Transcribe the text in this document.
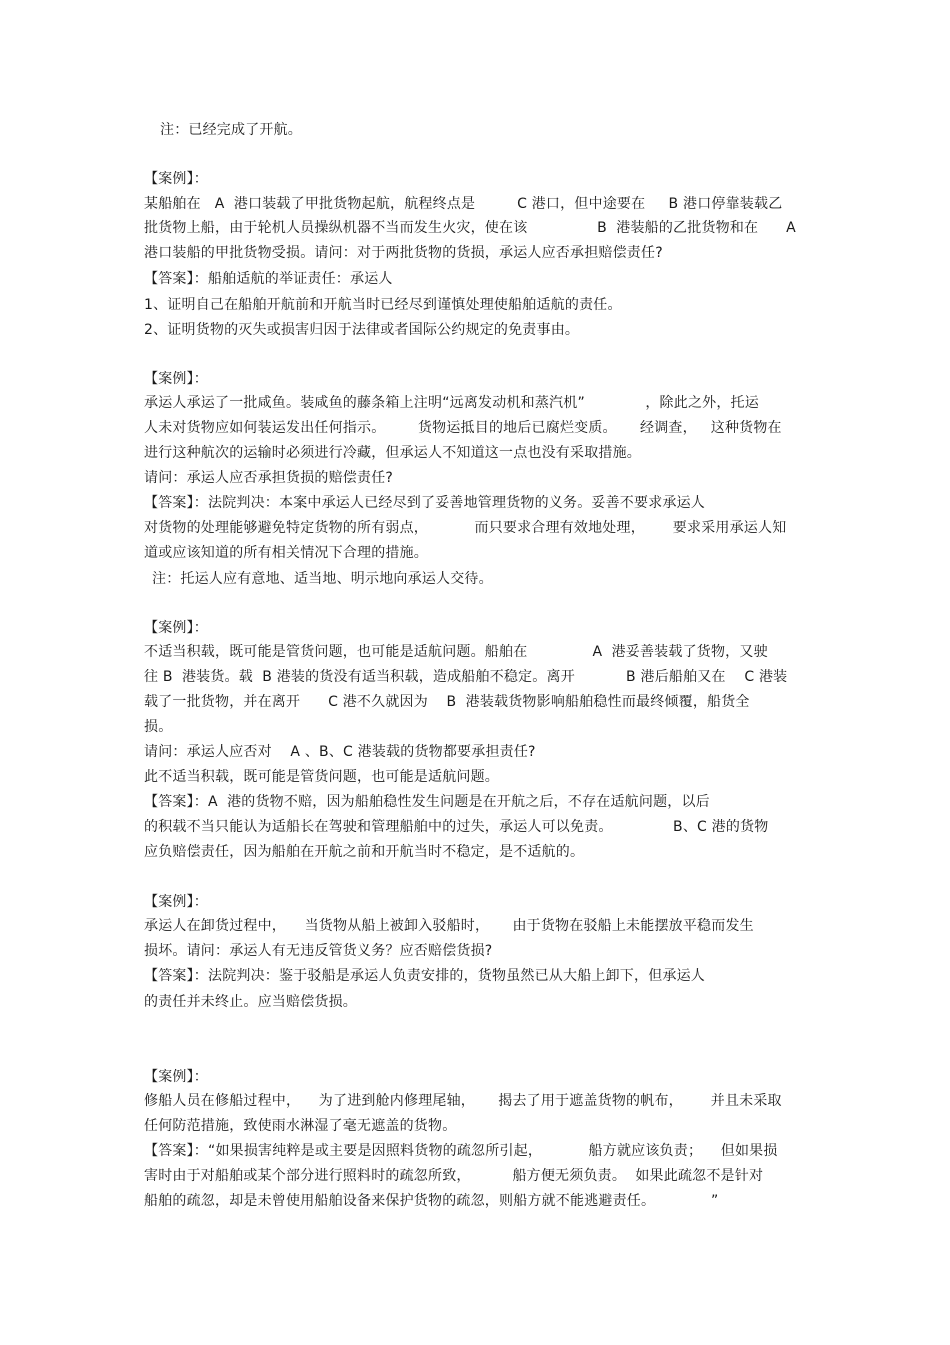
注：已经完成了开航。
【案例】：
某船舶在   A  港口装载了甲批货物起航，航程终点是         C 港口，但中途要在     B 港口停靠装载乙
批货物上船，由于轮机人员操纵机器不当而发生火灾，使在该               B  港装船的乙批货物和在      A
港口装船的甲批货物受损。请问：对于两批货物的货损，承运人应否承担赔偿责任?
【答案】：船舶适航的举证责任：承运人
1、证明自己在船舶开航前和开航当时已经尽到谨慎处理使船舶适航的责任。
2、证明货物的灭失或损害归因于法律或者国际公约规定的免责事由。
【案例】：
承运人承运了一批咸鱼。装咸鱼的藤条箱上注明“远离发动机和蒸汽机”             ，除此之外，托运
人未对货物应如何装运发出任何指示。       货物运抵目的地后已腐烂变质。     经调查，   这种货物在
进行这种航次的运输时必须进行冷藏，但承运人不知道这一点也没有采取措施。
请问：承运人应否承担货损的赔偿责任?
【答案】：法院判决：本案中承运人已经尽到了妥善地管理货物的义务。妥善不要求承运人
对货物的处理能够避免特定货物的所有弱点，          而只要求合理有效地处理，      要求采用承运人知
道或应该知道的所有相关情况下合理的措施。
注：托运人应有意地、适当地、明示地向承运人交待。
【案例】：
不适当积载，既可能是管货问题，也可能是适航问题。船舶在              A  港妥善装载了货物，又驶
往 B  港装货。载  B 港装的货没有适当积载，造成船舶不稳定。离开           B 港后船舶又在    C 港装
载了一批货物，并在离开      C 港不久就因为    B  港装载货物影响船舶稳性而最终倾覆，船货全
损。
请问：承运人应否对    A 、B、C 港装载的货物都要承担责任?
此不适当积载，既可能是管货问题，也可能是适航问题。
【答案】：A  港的货物不赔，因为船舶稳性发生问题是在开航之后，不存在适航问题，以后
的积载不当只能认为适船长在驾驶和管理船舶中的过失，承运人可以免责。             B、C 港的货物
应负赔偿责任，因为船舶在开航之前和开航当时不稳定，是不适航的。
【案例】：
承运人在卸货过程中，    当货物从船上被卸入驳船时，     由于货物在驳船上未能摆放平稳而发生
损坏。请问：承运人有无违反管货义务？应否赔偿货损?
【答案】：法院判决：鉴于驳船是承运人负责安排的，货物虽然已从大船上卸下，但承运人
的责任并未终止。应当赔偿货损。
【案例】：
修船人员在修船过程中，    为了进到舱内修理尾轴，     揭去了用于遮盖货物的帆布，      并且未采取
任何防范措施，致使雨水淋湿了毫无遮盖的货物。
【答案】：“如果损害纯粹是或主要是因照料货物的疏忽所引起，          船方就应该负责；    但如果损
害时由于对船舶或某个部分进行照料时的疏忽所致，         船方便无须负责。  如果此疏忽不是针对
船舶的疏忽，却是未曾使用船舶设备来保护货物的疏忽，则船方就不能逃避责任。            ”
